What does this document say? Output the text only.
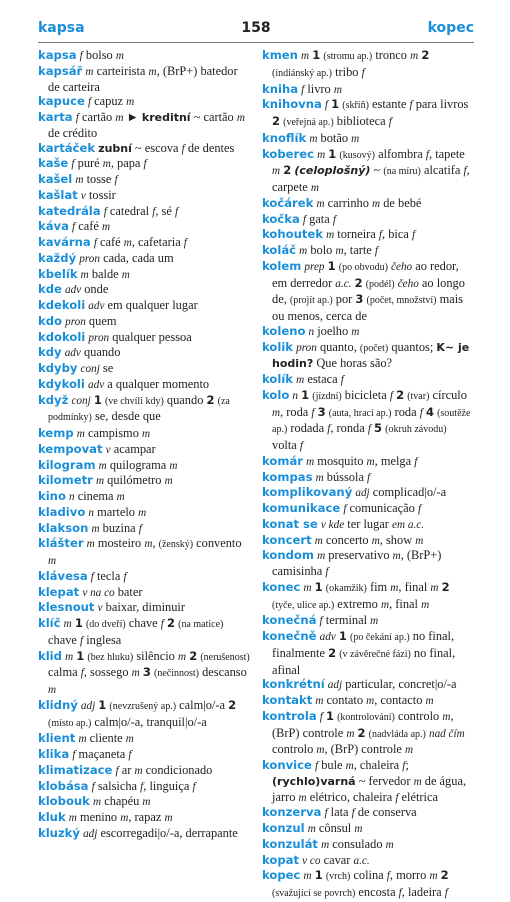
kapsa	158	kopec

kapsa f bolso m

kapsář m carteirista m, (BrP+) batedor de carteira

kapuce f capuz m

karta f cartão m ► kreditní ~ cartão m de crédito

kartáček zubní ~ escova f de dentes

kaše f puré m, papa f

kašel m tosse f

kašlat v tossir

katedrála f catedral f, sé f

káva f café m

kavárna f café m, cafetaria f

každý pron cada, cada um

kbelík m balde m

kde adv onde

kdekoli adv em qualquer lugar

kdo pron quem

kdokoli pron qualquer pessoa

kdy adv quando

kdyby conj se

kdykoli adv a qualquer momento

když conj 1 (ve chvíli kdy) quando 2 (za podmínky) se, desde que

kemp m campismo m

kempovat v acampar

kilogram m quilograma m

kilometr m quilómetro m

kino n cinema m

kladivo n martelo m

klakson m buzina f

klášter m mosteiro m, (ženský) convento m

klávesa f tecla f

klepat v na co bater

klesnout v baixar, diminuir

klíč m 1 (do dveří) chave f 2 (na matice) chave f inglesa

klid m 1 (bez hluku) silêncio m 2 (nerušenost) calma f, sossego m 3 (nečinnost) descanso m

klidný adj 1 (nevzrušený ap.) calm|o/-a 2 (místo ap.) calm|o/-a, tranquil|o/-a

klient m cliente m

klika f maçaneta f

klimatizace f ar m condicionado

klobása f salsicha f, linguiça f

klobouk m chapéu m

kluk m menino m, rapaz m

kluzký adj escorregadi|o/-a, derrapante

kmen m 1 (stromu ap.) tronco m 2 (indiánský ap.) tribo f

kniha f livro m

knihovna f 1 (skříň) estante f para livros 2 (veřejná ap.) biblioteca f

knoflík m botão m

koberec m 1 (kusový) alfombra f, tapete m 2 (celoplošný) ~ (na míru) alcatifa f, carpete m

kočárek m carrinho m de bebé

kočka f gata f

kohoutek m torneira f, bica f

koláč m bolo m, tarte f

kolem prep 1 (po obvodu) čeho ao redor, em derredor a.c. 2 (podél) čeho ao longo de, (projít ap.) por 3 (počet, množství) mais ou menos, cerca de

koleno n joelho m

kolik pron quanto, (počet) quantos; K~ je hodin? Que horas são?

kolík m estaca f

kolo n 1 (jízdní) bicicleta f 2 (tvar) círculo m, roda f 3 (auta, hrací ap.) roda f 4 (soutěže ap.) rodada f, ronda f 5 (okruh závodu) volta f

komár m mosquito m, melga f

kompas m bússola f

komplikovaný adj complicad|o/-a

komunikace f comunicação f

konat se v kde ter lugar em a.c.

koncert m concerto m, show m

kondom m preservativo m, (BrP+) camisinha f

konec m 1 (okamžik) fim m, final m 2 (tyče, ulice ap.) extremo m, final m

konečná f terminal m

konečně adv 1 (po čekání ap.) no final, finalmente 2 (v závěrečné fázi) no final, afinal

konkrétní adj particular, concret|o/-a

kontakt m contato m, contacto m

kontrola f 1 (kontrolování) controlo m, (BrP) controle m 2 (nadvláda ap.) nad čím controlo m, (BrP) controle m

konvice f bule m, chaleira f; (rychlo)varná ~ fervedor m de água, jarro m elétrico, chaleira f elétrica

konzerva f lata f de conserva

konzul m cônsul m

konzulát m consulado m

kopat v co cavar a.c.

kopec m 1 (vrch) colina f, morro m 2 (svažující se povrch) encosta f, ladeira f
